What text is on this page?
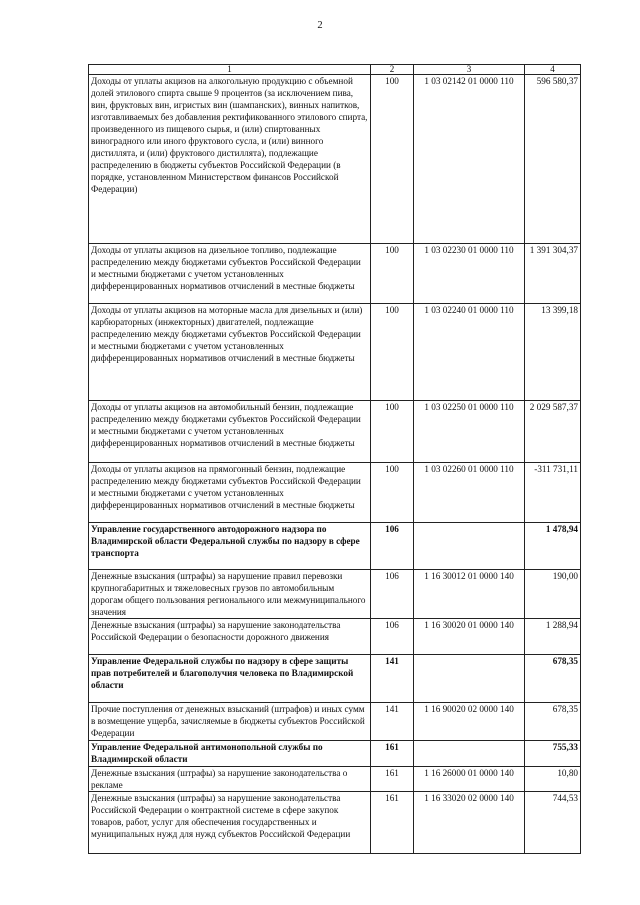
2
1	2	3	4
Доходы от уплаты акцизов на алкогольную продукцию с объемной долей этилового спирта свыше 9 процентов (за исключением пива, вин, фруктовых вин, игристых вин (шампанских), винных напитков, изготавливаемых без добавления ректификованного этилового спирта, произведенного из пищевого сырья, и (или) спиртованных виноградного или иного фруктового сусла, и (или) винного дистиллята, и (или) фруктового дистиллята), подлежащие распределению в бюджеты субъектов Российской Федерации (в порядке, установленном Министерством финансов Российской Федерации)	100	1 03 02142 01 0000 110	596 580,37
Доходы от уплаты акцизов на дизельное топливо, подлежащие распределению между бюджетами субъектов Российской Федерации и местными бюджетами с учетом установленных дифференцированных нормативов отчислений в местные бюджеты	100	1 03 02230 01 0000 110	1 391 304,37
Доходы от уплаты акцизов на моторные масла для дизельных и (или) карбюраторных (инжекторных) двигателей, подлежащие распределению между бюджетами субъектов Российской Федерации и местными бюджетами с учетом установленных дифференцированных нормативов отчислений в местные бюджеты	100	1 03 02240 01 0000 110	13 399,18
Доходы от уплаты акцизов на автомобильный бензин, подлежащие распределению между бюджетами субъектов Российской Федерации и местными бюджетами с учетом установленных дифференцированных нормативов отчислений в местные бюджеты	100	1 03 02250 01 0000 110	2 029 587,37
Доходы от уплаты акцизов на прямогонный бензин, подлежащие распределению между бюджетами субъектов Российской Федерации и местными бюджетами с учетом установленных дифференцированных нормативов отчислений в местные бюджеты	100	1 03 02260 01 0000 110	-311 731,11
Управление государственного автодорожного надзора по Владимирской области Федеральной службы по надзору в сфере транспорта	106		1 478,94
Денежные взыскания (штрафы) за нарушение правил перевозки крупногабаритных и тяжеловесных грузов по автомобильным дорогам общего пользования регионального или межмуниципального значения	106	1 16 30012 01 0000 140	190,00
Денежные взыскания (штрафы) за нарушение законодательства Российской Федерации о безопасности дорожного движения	106	1 16 30020 01 0000 140	1 288,94
Управление Федеральной службы по надзору в сфере защиты прав потребителей и благополучия человека по Владимирской области	141		678,35
Прочие поступления от денежных взысканий (штрафов) и иных сумм в возмещение ущерба, зачисляемые в бюджеты субъектов Российской Федерации	141	1 16 90020 02 0000 140	678,35
Управление Федеральной антимонопольной службы по Владимирской области	161		755,33
Денежные взыскания (штрафы) за нарушение законодательства о рекламе	161	1 16 26000 01 0000 140	10,80
Денежные взыскания (штрафы) за нарушение законодательства Российской Федерации о контрактной системе в сфере закупок товаров, работ, услуг для обеспечения государственных и муниципальных нужд для нужд субъектов Российской Федерации	161	1 16 33020 02 0000 140	744,53
